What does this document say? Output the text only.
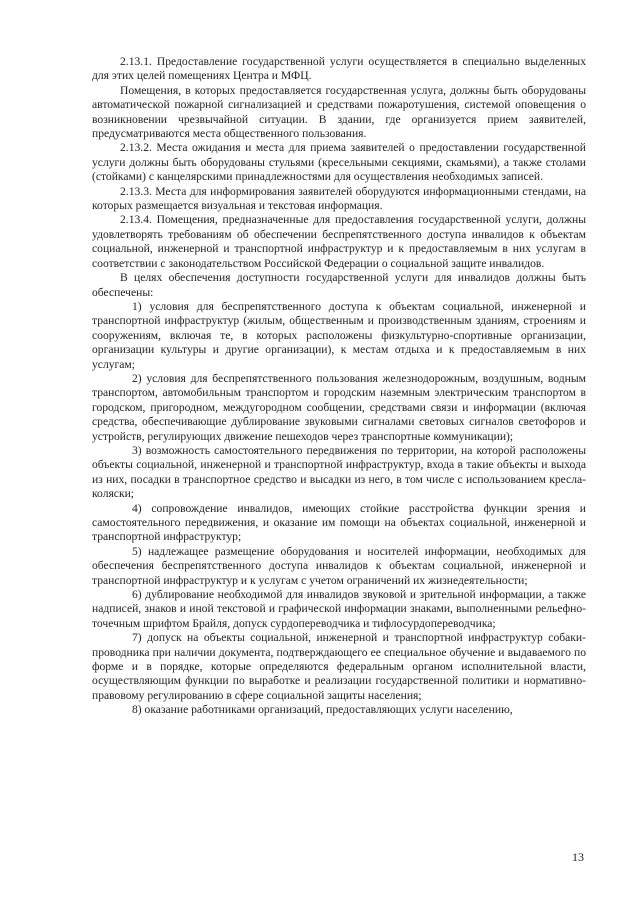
2.13.1. Предоставление государственной услуги осуществляется в специально выделенных для этих целей помещениях Центра и МФЦ.

Помещения, в которых предоставляется государственная услуга, должны быть оборудованы автоматической пожарной сигнализацией и средствами пожаротушения, системой оповещения о возникновении чрезвычайной ситуации. В здании, где организуется прием заявителей, предусматриваются места общественного пользования.

2.13.2. Места ожидания и места для приема заявителей о предоставлении государственной услуги должны быть оборудованы стульями (кресельными секциями, скамьями), а также столами (стойками) с канцелярскими принадлежностями для осуществления необходимых записей.

2.13.3. Места для информирования заявителей оборудуются информационными стендами, на которых размещается визуальная и текстовая информация.

2.13.4. Помещения, предназначенные для предоставления государственной услуги, должны удовлетворять требованиям об обеспечении беспрепятственного доступа инвалидов к объектам социальной, инженерной и транспортной инфраструктур и к предоставляемым в них услугам в соответствии с законодательством Российской Федерации о социальной защите инвалидов.

В целях обеспечения доступности государственной услуги для инвалидов должны быть обеспечены:

1) условия для беспрепятственного доступа к объектам социальной, инженерной и транспортной инфраструктур (жилым, общественным и производственным зданиям, строениям и сооружениям, включая те, в которых расположены физкультурно-спортивные организации, организации культуры и другие организации), к местам отдыха и к предоставляемым в них услугам;

2) условия для беспрепятственного пользования железнодорожным, воздушным, водным транспортом, автомобильным транспортом и городским наземным электрическим транспортом в городском, пригородном, междугородном сообщении, средствами связи и информации (включая средства, обеспечивающие дублирование звуковыми сигналами световых сигналов светофоров и устройств, регулирующих движение пешеходов через транспортные коммуникации);

3) возможность самостоятельного передвижения по территории, на которой расположены объекты социальной, инженерной и транспортной инфраструктур, входа в такие объекты и выхода из них, посадки в транспортное средство и высадки из него, в том числе с использованием кресла-коляски;

4) сопровождение инвалидов, имеющих стойкие расстройства функции зрения и самостоятельного передвижения, и оказание им помощи на объектах социальной, инженерной и транспортной инфраструктур;

5) надлежащее размещение оборудования и носителей информации, необходимых для обеспечения беспрепятственного доступа инвалидов к объектам социальной, инженерной и транспортной инфраструктур и к услугам с учетом ограничений их жизнедеятельности;

6) дублирование необходимой для инвалидов звуковой и зрительной информации, а также надписей, знаков и иной текстовой и графической информации знаками, выполненными рельефно-точечным шрифтом Брайля, допуск сурдопереводчика и тифлосурдопереводчика;

7) допуск на объекты социальной, инженерной и транспортной инфраструктур собаки-проводника при наличии документа, подтверждающего ее специальное обучение и выдаваемого по форме и в порядке, которые определяются федеральным органом исполнительной власти, осуществляющим функции по выработке и реализации государственной политики и нормативно-правовому регулированию в сфере социальной защиты населения;

8) оказание работниками организаций, предоставляющих услуги населению,

13
